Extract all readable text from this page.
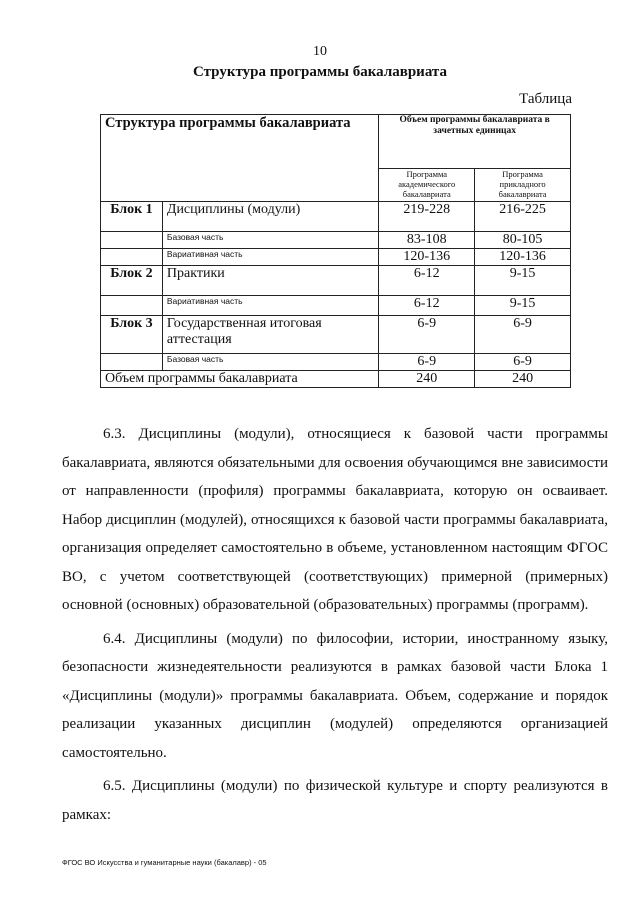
10
Структура программы бакалавриата
Таблица
Структура программы бакалавриата		Объем программы бакалавриата в зачетных единицах	
		Программа академического бакалавриата	Программа прикладного бакалавриата
Блок 1	Дисциплины (модули)	219-228	216-225
	Базовая часть	83-108	80-105
	Вариативная часть	120-136	120-136
Блок 2	Практики	6-12	9-15
	Вариативная часть	6-12	9-15
Блок 3	Государственная итоговая аттестация	6-9	6-9
	Базовая часть	6-9	6-9
Объем программы бакалавриата		240	240

6.3. Дисциплины (модули), относящиеся к базовой части программы бакалавриата, являются обязательными для освоения обучающимся вне зависимости от направленности (профиля) программы бакалавриата, которую он осваивает. Набор дисциплин (модулей), относящихся к базовой части программы бакалавриата, организация определяет самостоятельно в объеме, установленном настоящим ФГОС ВО, с учетом соответствующей (соответствующих) примерной (примерных) основной (основных) образовательной (образовательных) программы (программ).

6.4. Дисциплины (модули) по философии, истории, иностранному языку, безопасности жизнедеятельности реализуются в рамках базовой части Блока 1 «Дисциплины (модули)» программы бакалавриата. Объем, содержание и порядок реализации указанных дисциплин (модулей) определяются организацией самостоятельно.

6.5. Дисциплины (модули) по физической культуре и спорту реализуются в рамках:

ФГОС ВО Искусства и гуманитарные науки (бакалавр) - 05
